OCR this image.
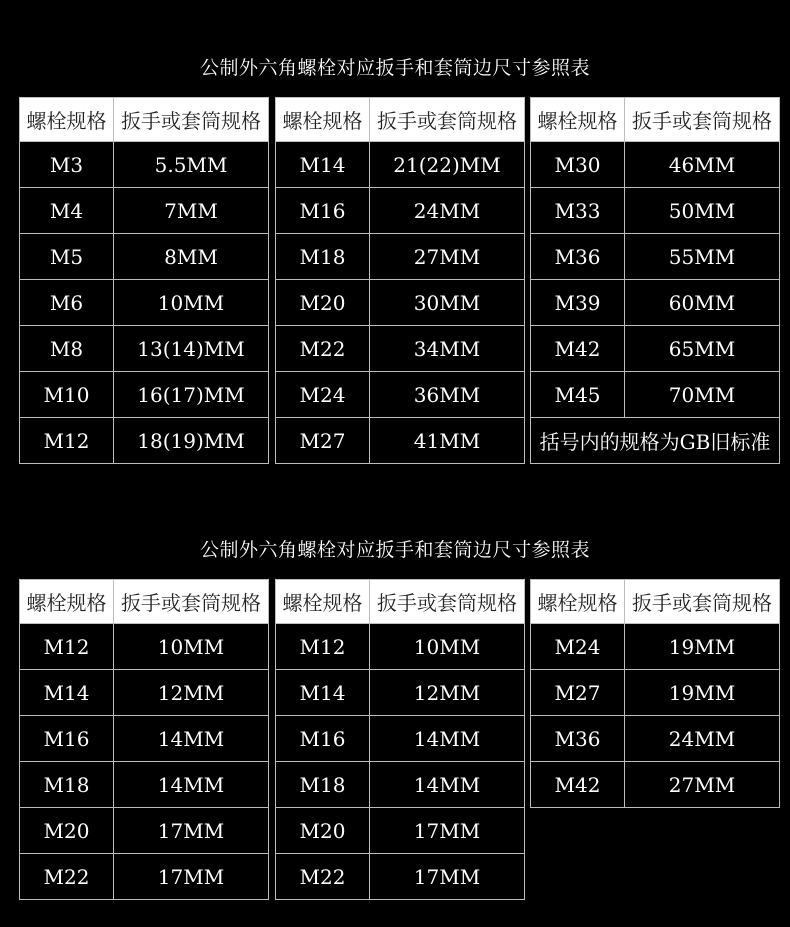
公制外六角螺栓对应扳手和套筒边尺寸参照表
螺栓规格	扳手或套筒规格
M3	5.5MM
M4	7MM
M5	8MM
M6	10MM
M8	13(14)MM
M10	16(17)MM
M12	18(19)MM
螺栓规格	扳手或套筒规格
M14	21(22)MM
M16	24MM
M18	27MM
M20	30MM
M22	34MM
M24	36MM
M27	41MM
螺栓规格	扳手或套筒规格
M30	46MM
M33	50MM
M36	55MM
M39	60MM
M42	65MM
M45	70MM
括号内的规格为GB旧标准	
公制外六角螺栓对应扳手和套筒边尺寸参照表
螺栓规格	扳手或套筒规格
M12	10MM
M14	12MM
M16	14MM
M18	14MM
M20	17MM
M22	17MM
螺栓规格	扳手或套筒规格
M12	10MM
M14	12MM
M16	14MM
M18	14MM
M20	17MM
M22	17MM
螺栓规格	扳手或套筒规格
M24	19MM
M27	19MM
M36	24MM
M42	27MM
